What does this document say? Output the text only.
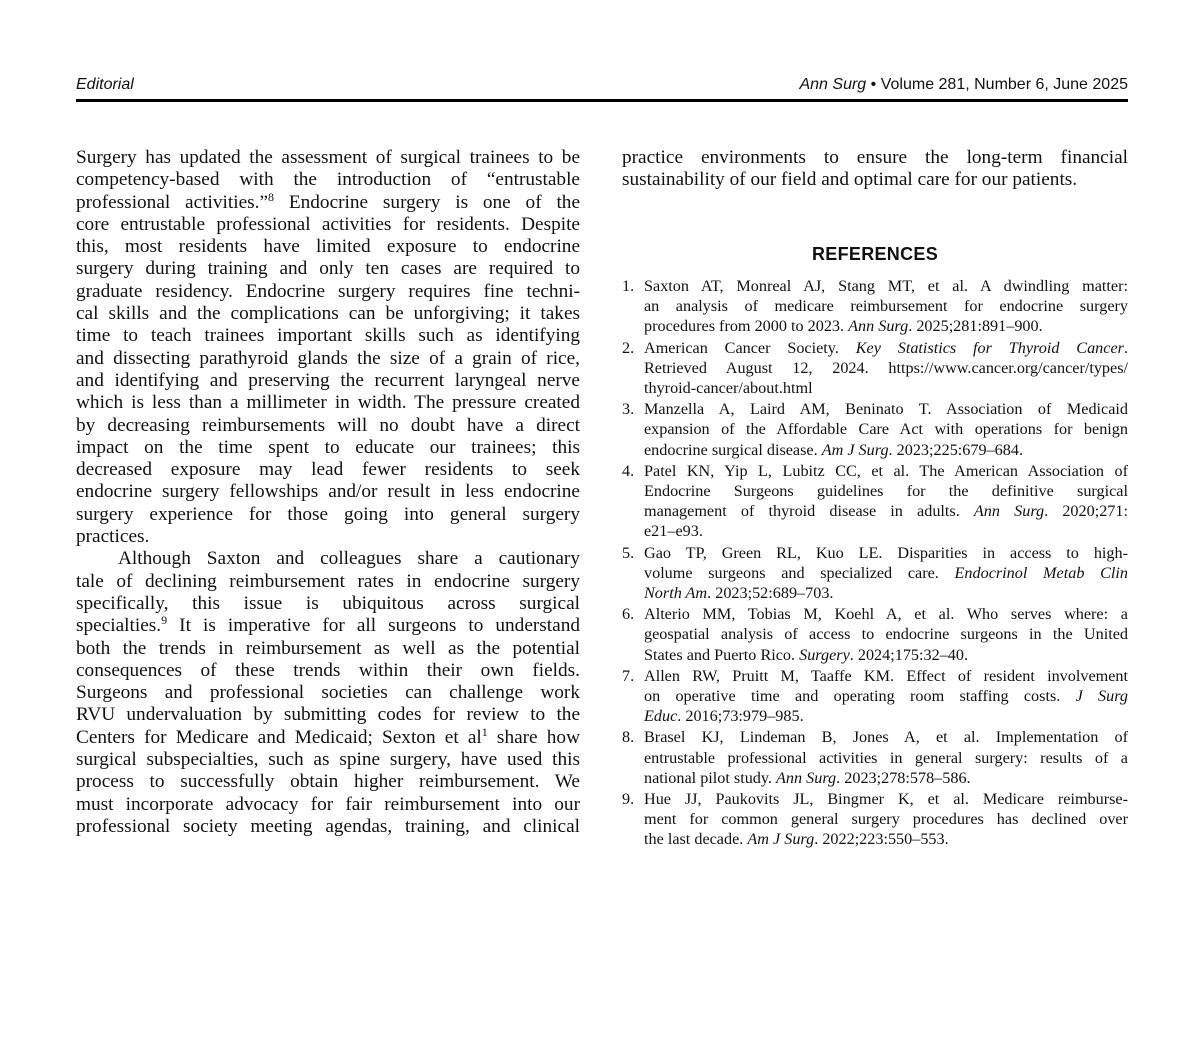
Editorial	Ann Surg • Volume 281, Number 6, June 2025
Surgery has updated the assessment of surgical trainees to be
competency-based with the introduction of “entrustable
professional activities.”$^8$ Endocrine surgery is one of the
core entrustable professional activities for residents. Despite
this, most residents have limited exposure to endocrine
surgery during training and only ten cases are required to
graduate residency. Endocrine surgery requires fine techni-
cal skills and the complications can be unforgiving; it takes
time to teach trainees important skills such as identifying
and dissecting parathyroid glands the size of a grain of rice,
and identifying and preserving the recurrent laryngeal nerve
which is less than a millimeter in width. The pressure created
by decreasing reimbursements will no doubt have a direct
impact on the time spent to educate our trainees; this
decreased exposure may lead fewer residents to seek
endocrine surgery fellowships and/or result in less endocrine
surgery experience for those going into general surgery
practices.
Although Saxton and colleagues share a cautionary
tale of declining reimbursement rates in endocrine surgery
specifically, this issue is ubiquitous across surgical
specialties.$^9$ It is imperative for all surgeons to understand
both the trends in reimbursement as well as the potential
consequences of these trends within their own fields.
Surgeons and professional societies can challenge work
RVU undervaluation by submitting codes for review to the
Centers for Medicare and Medicaid; Sexton et $al^1$ share how
surgical subspecialties, such as spine surgery, have used this
process to successfully obtain higher reimbursement. We
must incorporate advocacy for fair reimbursement into our
professional society meeting agendas, training, and clinical
practice environments to ensure the long-term financial
sustainability of our field and optimal care for our patients.
REFERENCES
1. Saxton AT, Monreal AJ, Stang MT, et al. A dwindling matter:
an analysis of medicare reimbursement for endocrine surgery
procedures from 2000 to 2023. Ann Surg. 2025;281:891–900.
2. American Cancer Society. Key Statistics for Thyroid Cancer.
Retrieved August 12, 2024. https://www.cancer.org/cancer/types/
thyroid-cancer/about.html
3. Manzella A, Laird AM, Beninato T. Association of Medicaid
expansion of the Affordable Care Act with operations for benign
endocrine surgical disease. Am J Surg. 2023;225:679–684.
4. Patel KN, Yip L, Lubitz CC, et al. The American Association of
Endocrine Surgeons guidelines for the definitive surgical
management of thyroid disease in adults. Ann Surg. 2020;271:
e21–e93.
5. Gao TP, Green RL, Kuo LE. Disparities in access to high-
volume surgeons and specialized care. Endocrinol Metab Clin
North Am. 2023;52:689–703.
6. Alterio MM, Tobias M, Koehl A, et al. Who serves where: a
geospatial analysis of access to endocrine surgeons in the United
States and Puerto Rico. Surgery. 2024;175:32–40.
7. Allen RW, Pruitt M, Taaffe KM. Effect of resident involvement
on operative time and operating room staffing costs. J Surg
Educ. 2016;73:979–985.
8. Brasel KJ, Lindeman B, Jones A, et al. Implementation of
entrustable professional activities in general surgery: results of a
national pilot study. Ann Surg. 2023;278:578–586.
9. Hue JJ, Paukovits JL, Bingmer K, et al. Medicare reimburse-
ment for common general surgery procedures has declined over
the last decade. Am J Surg. 2022;223:550–553.
